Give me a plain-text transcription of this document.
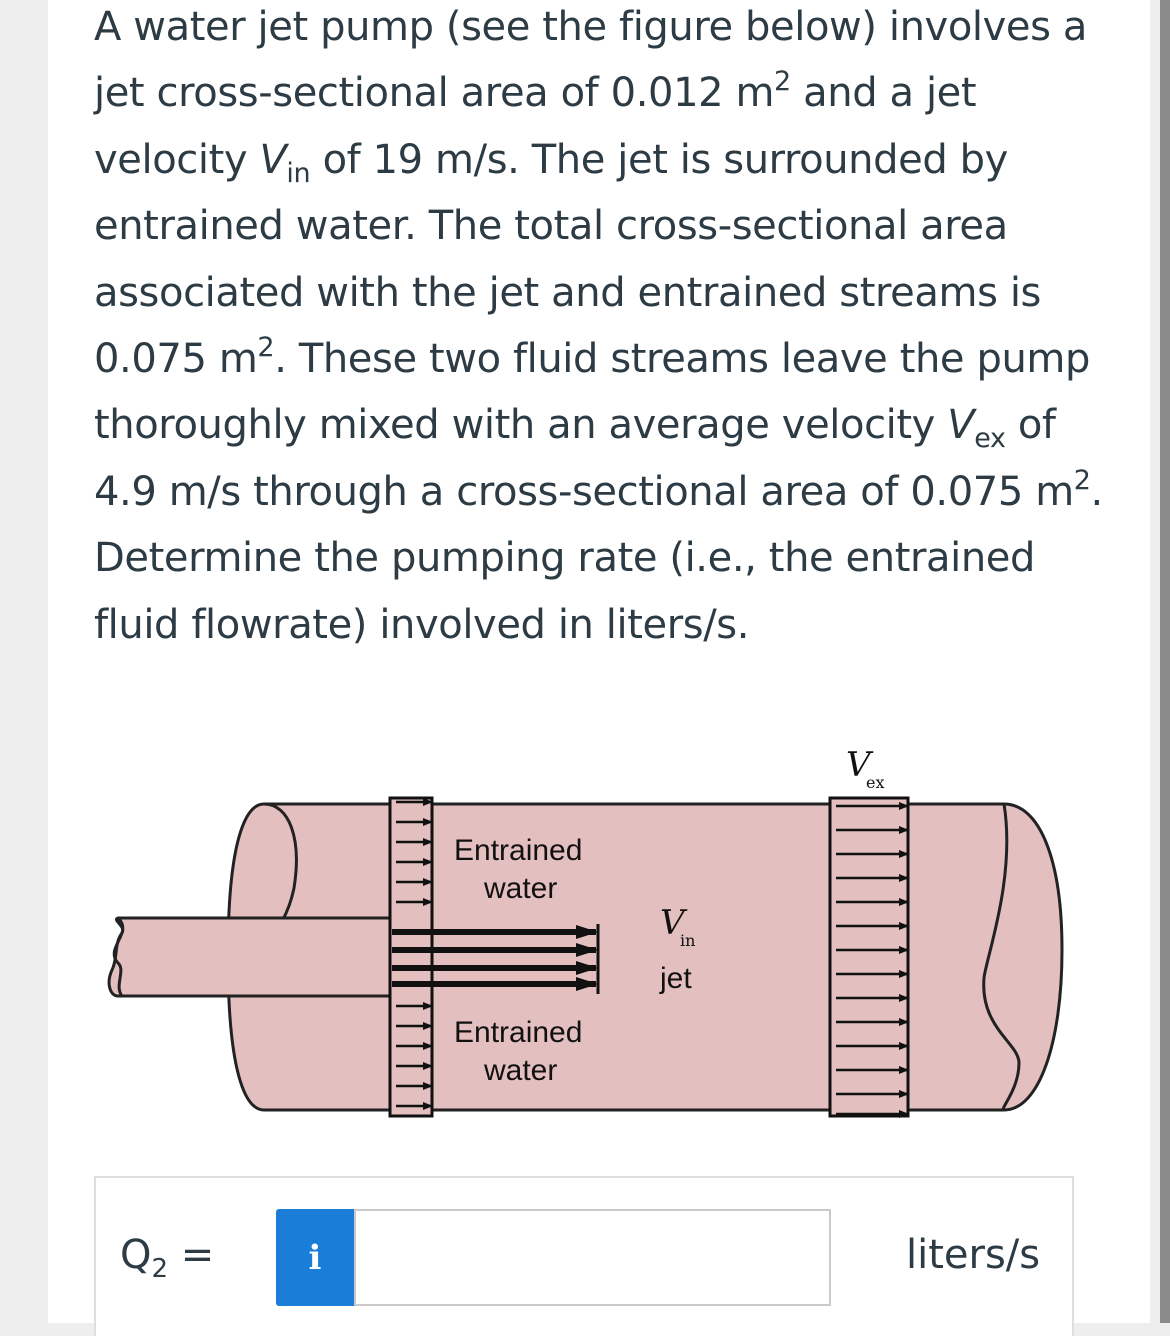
A water jet pump (see the figure below) involves a jet cross-sectional area of 0.012 $m^2$ and a jet velocity $V_{in}$ of 19 m/s. The jet is surrounded by entrained water. The total cross-sectional area associated with the jet and entrained streams is 0.075 $m^2$. These two fluid streams leave the pump thoroughly mixed with an average velocity $V_{ex}$ of 4.9 m/s through a cross-sectional area of 0.075 $m^2$. Determine the pumping rate (i.e., the entrained fluid flowrate) involved in liters/s.

Entrained
water
Entrained
water
V
in
jet
V
ex
$Q_2$ =	i	liters/s
